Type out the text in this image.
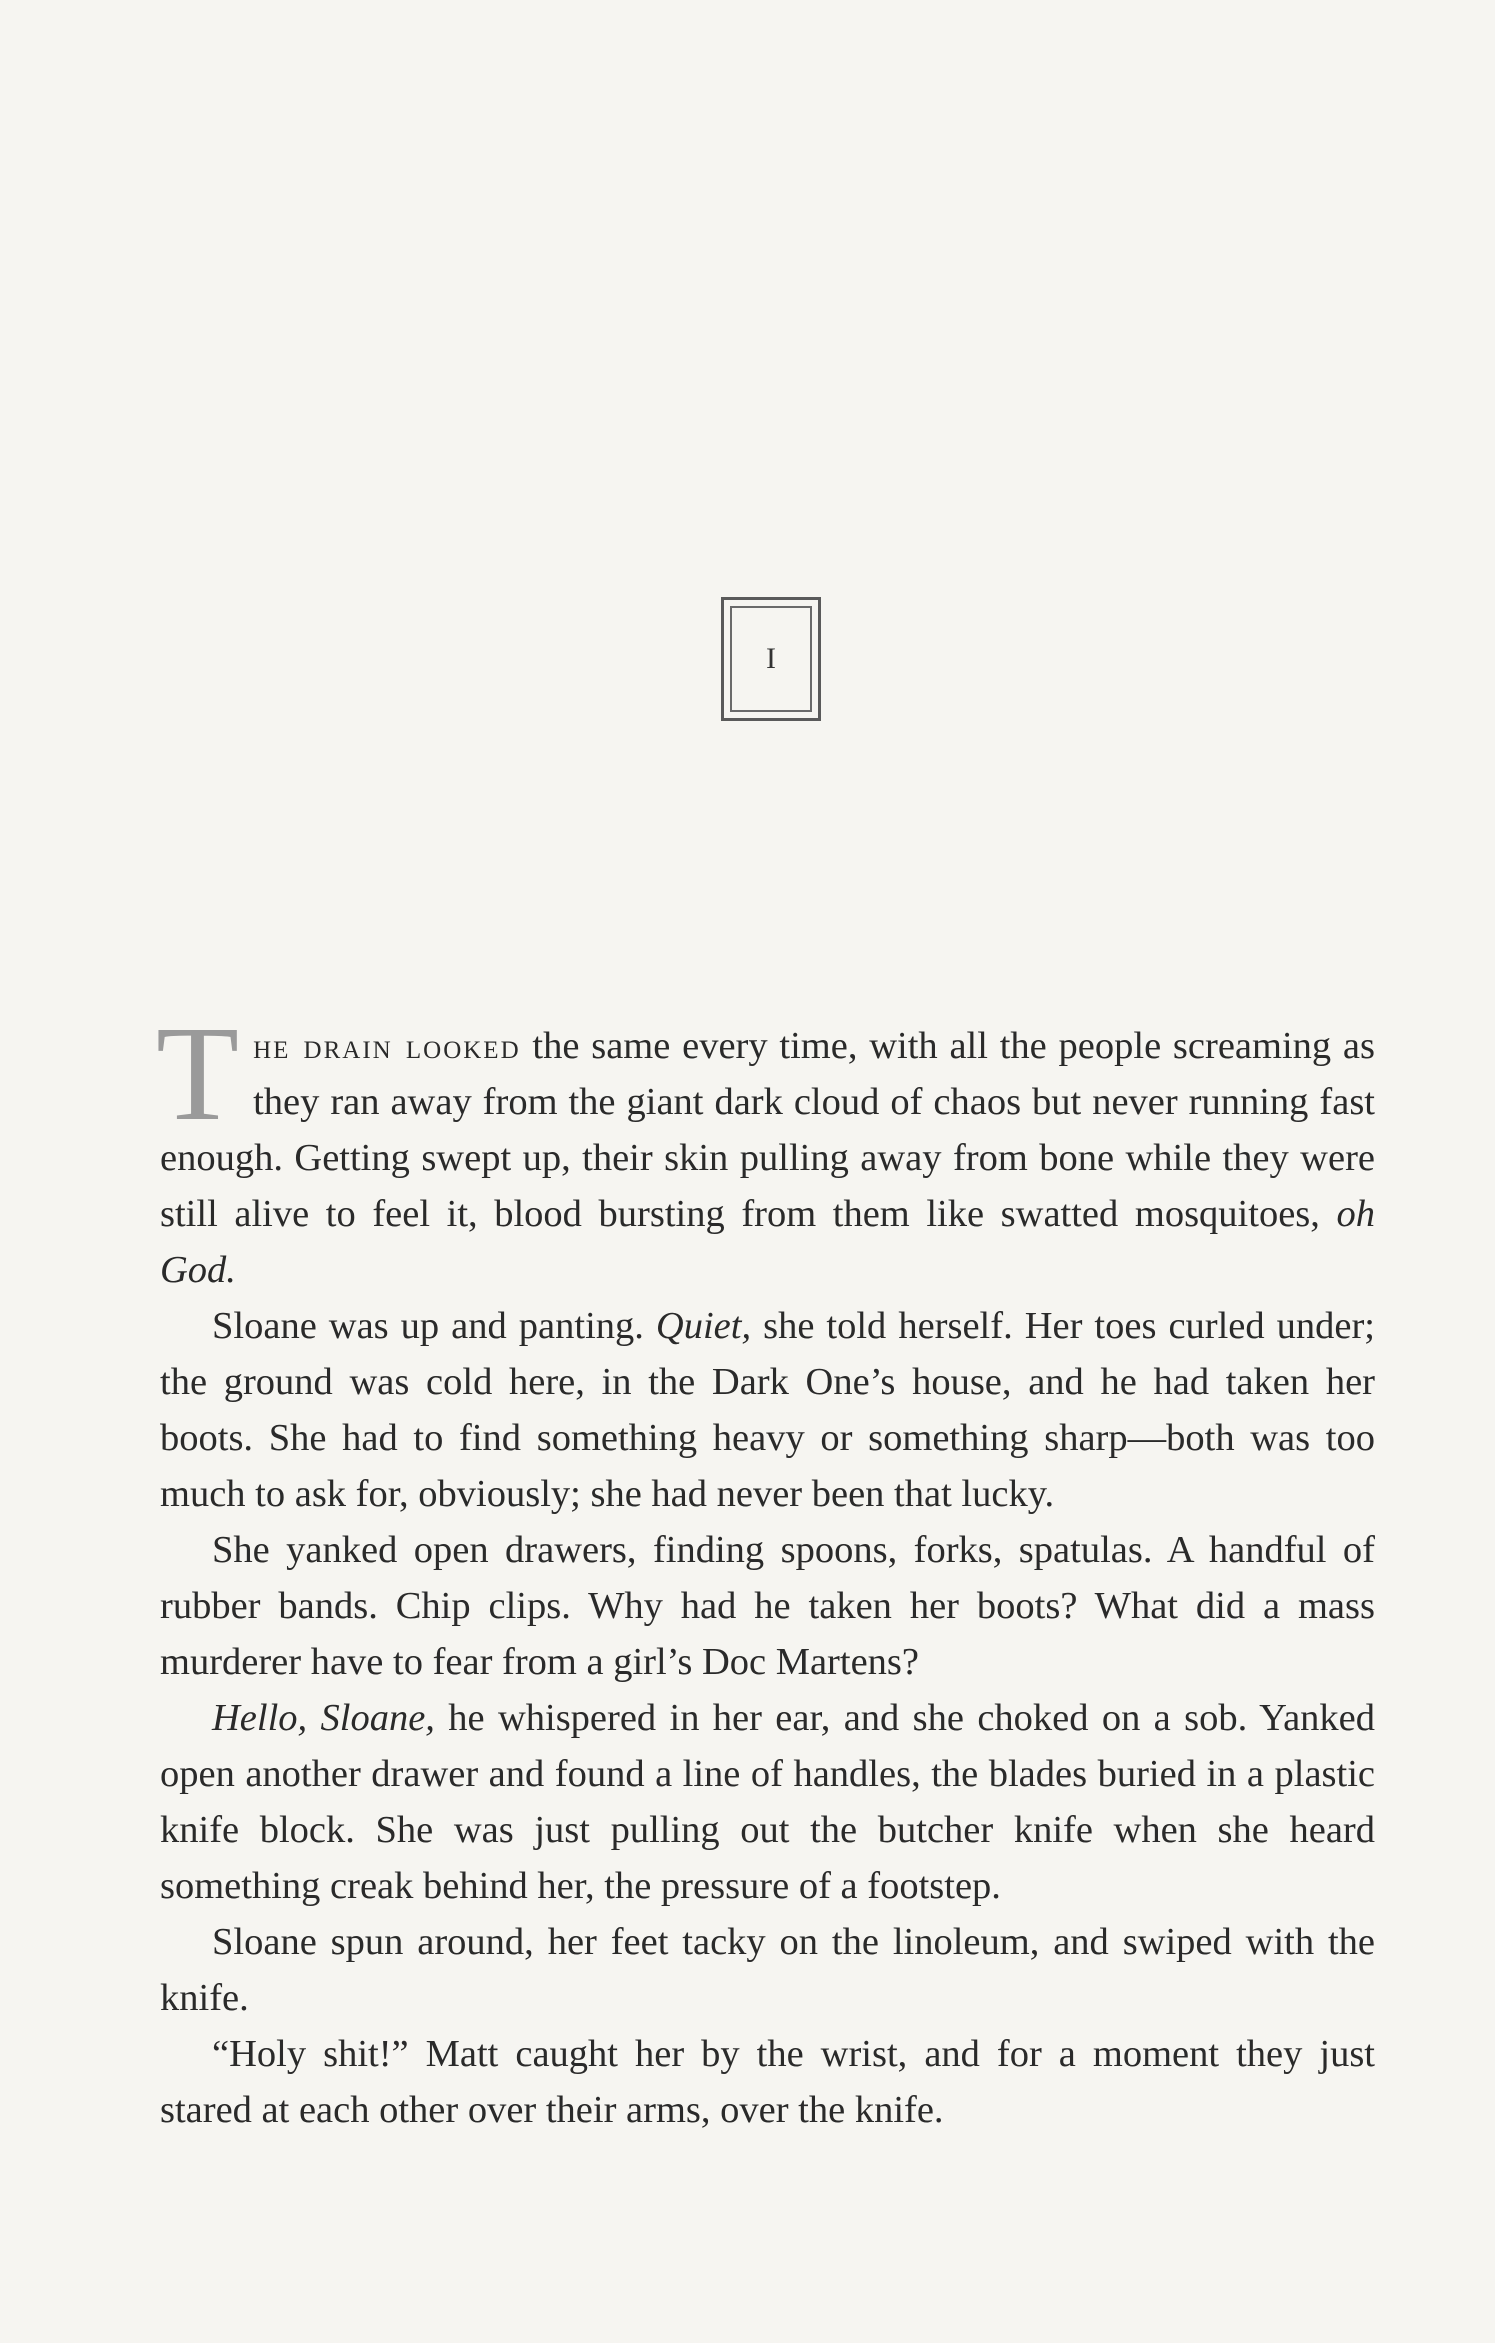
I

The drain looked the same every time, with all the people screaming as they ran away from the giant dark cloud of chaos but never running fast enough. Getting swept up, their skin pulling away from bone while they were still alive to feel it, blood bursting from them like swatted mosquitoes, oh God.

Sloane was up and panting. Quiet, she told herself. Her toes curled under; the ground was cold here, in the Dark One’s house, and he had taken her boots. She had to find something heavy or something sharp—both was too much to ask for, obviously; she had never been that lucky.

She yanked open drawers, finding spoons, forks, spatulas. A handful of rubber bands. Chip clips. Why had he taken her boots? What did a mass murderer have to fear from a girl’s Doc Martens?

Hello, Sloane, he whispered in her ear, and she choked on a sob. Yanked open another drawer and found a line of handles, the blades buried in a plastic knife block. She was just pulling out the butcher knife when she heard something creak behind her, the pressure of a footstep.

Sloane spun around, her feet tacky on the linoleum, and swiped with the knife.

“Holy shit!” Matt caught her by the wrist, and for a moment they just stared at each other over their arms, over the knife.
